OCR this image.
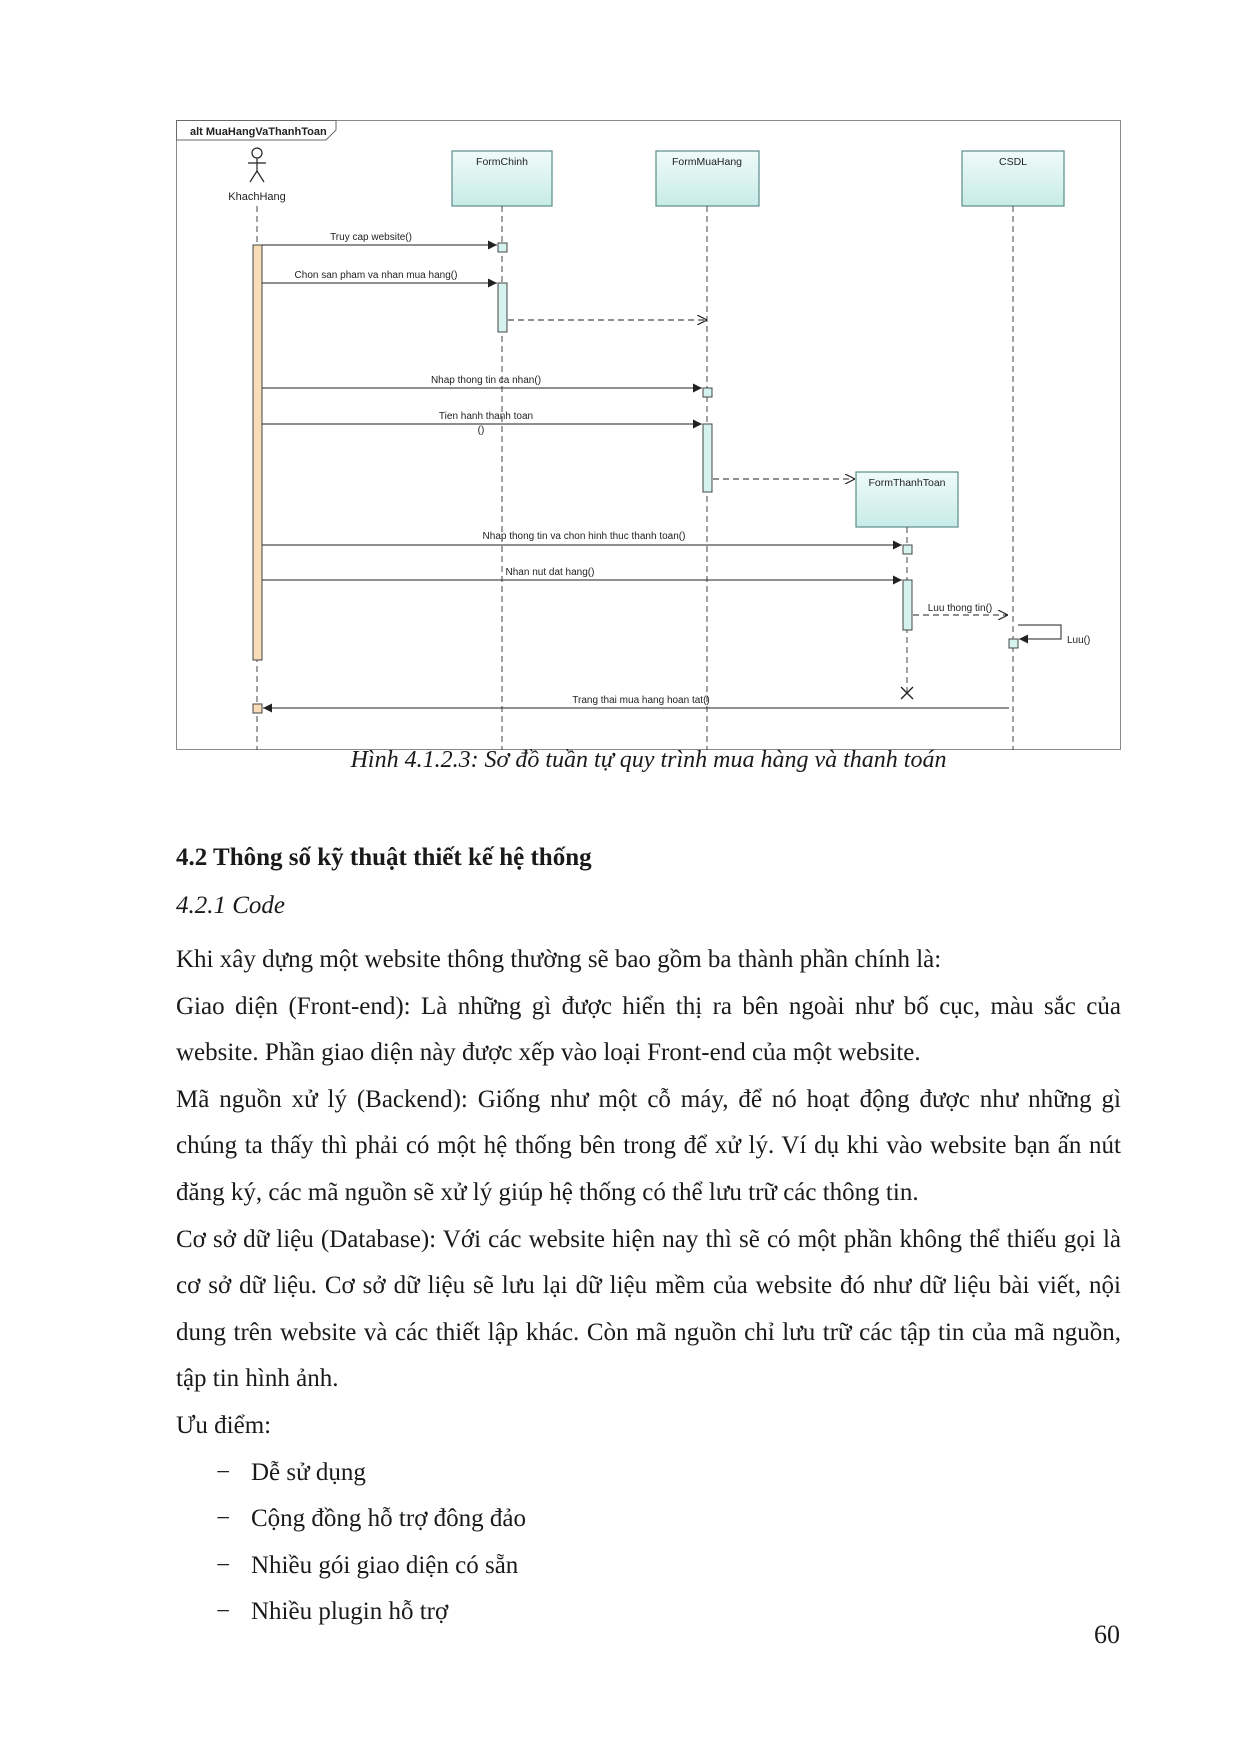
alt MuaHangVaThanhToan
KhachHang
FormChinh	FormMuaHang	CSDL
FormThanhToan
Truy cap website()
Chon san pham va nhan mua hang()
Nhap thong tin ca nhan()
Tien hanh thanh toan
()
Nhap thong tin va chon hinh thuc thanh toan()
Nhan nut dat hang()
Luu thong tin()
Luu()
Trang thai mua hang hoan tat()
Hình 4.1.2.3: Sơ đồ tuần tự quy trình mua hàng và thanh toán
4.2 Thông số kỹ thuật thiết kế hệ thống
4.2.1 Code

Khi xây dựng một website thông thường sẽ bao gồm ba thành phần chính là:

Giao diện (Front-end): Là những gì được hiển thị ra bên ngoài như bố cục, màu sắc của website. Phần giao diện này được xếp vào loại Front-end của một website.

Mã nguồn xử lý (Backend): Giống như một cỗ máy, để nó hoạt động được như những gì chúng ta thấy thì phải có một hệ thống bên trong để xử lý. Ví dụ khi vào website bạn ấn nút đăng ký, các mã nguồn sẽ xử lý giúp hệ thống có thể lưu trữ các thông tin.

Cơ sở dữ liệu (Database): Với các website hiện nay thì sẽ có một phần không thể thiếu gọi là cơ sở dữ liệu. Cơ sở dữ liệu sẽ lưu lại dữ liệu mềm của website đó như dữ liệu bài viết, nội dung trên website và các thiết lập khác. Còn mã nguồn chỉ lưu trữ các tập tin của mã nguồn, tập tin hình ảnh.

Ưu điểm:

− Dễ sử dụng
− Cộng đồng hỗ trợ đông đảo
− Nhiều gói giao diện có sẵn
− Nhiều plugin hỗ trợ
60
